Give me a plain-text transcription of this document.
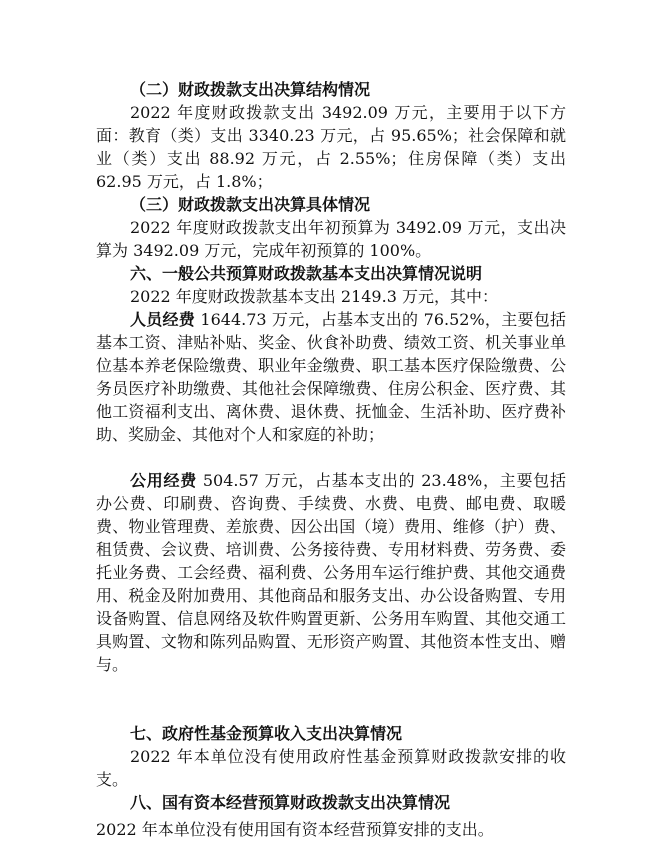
（二）财政拨款支出决算结构情况
2022 年度财政拨款支出 3492.09 万元，主要用于以下方面：教育（类）支出 3340.23 万元，占 95.65%；社会保障和就业（类）支出 88.92 万元，占 2.55%；住房保障（类）支出 62.95 万元，占 1.8%；
（三）财政拨款支出决算具体情况
2022 年度财政拨款支出年初预算为 3492.09 万元，支出决算为 3492.09 万元，完成年初预算的 100%。
六、一般公共预算财政拨款基本支出决算情况说明
2022 年度财政拨款基本支出 2149.3 万元，其中：
人员经费 1644.73 万元，占基本支出的 76.52%，主要包括基本工资、津贴补贴、奖金、伙食补助费、绩效工资、机关事业单位基本养老保险缴费、职业年金缴费、职工基本医疗保险缴费、公务员医疗补助缴费、其他社会保障缴费、住房公积金、医疗费、其他工资福利支出、离休费、退休费、抚恤金、生活补助、医疗费补助、奖励金、其他对个人和家庭的补助；
公用经费 504.57 万元，占基本支出的 23.48%，主要包括办公费、印刷费、咨询费、手续费、水费、电费、邮电费、取暖费、物业管理费、差旅费、因公出国（境）费用、维修（护）费、租赁费、会议费、培训费、公务接待费、专用材料费、劳务费、委托业务费、工会经费、福利费、公务用车运行维护费、其他交通费用、税金及附加费用、其他商品和服务支出、办公设备购置、专用设备购置、信息网络及软件购置更新、公务用车购置、其他交通工具购置、文物和陈列品购置、无形资产购置、其他资本性支出、赠与。
七、政府性基金预算收入支出决算情况
2022 年本单位没有使用政府性基金预算财政拨款安排的收支。
八、国有资本经营预算财政拨款支出决算情况
2022 年本单位没有使用国有资本经营预算安排的支出。
